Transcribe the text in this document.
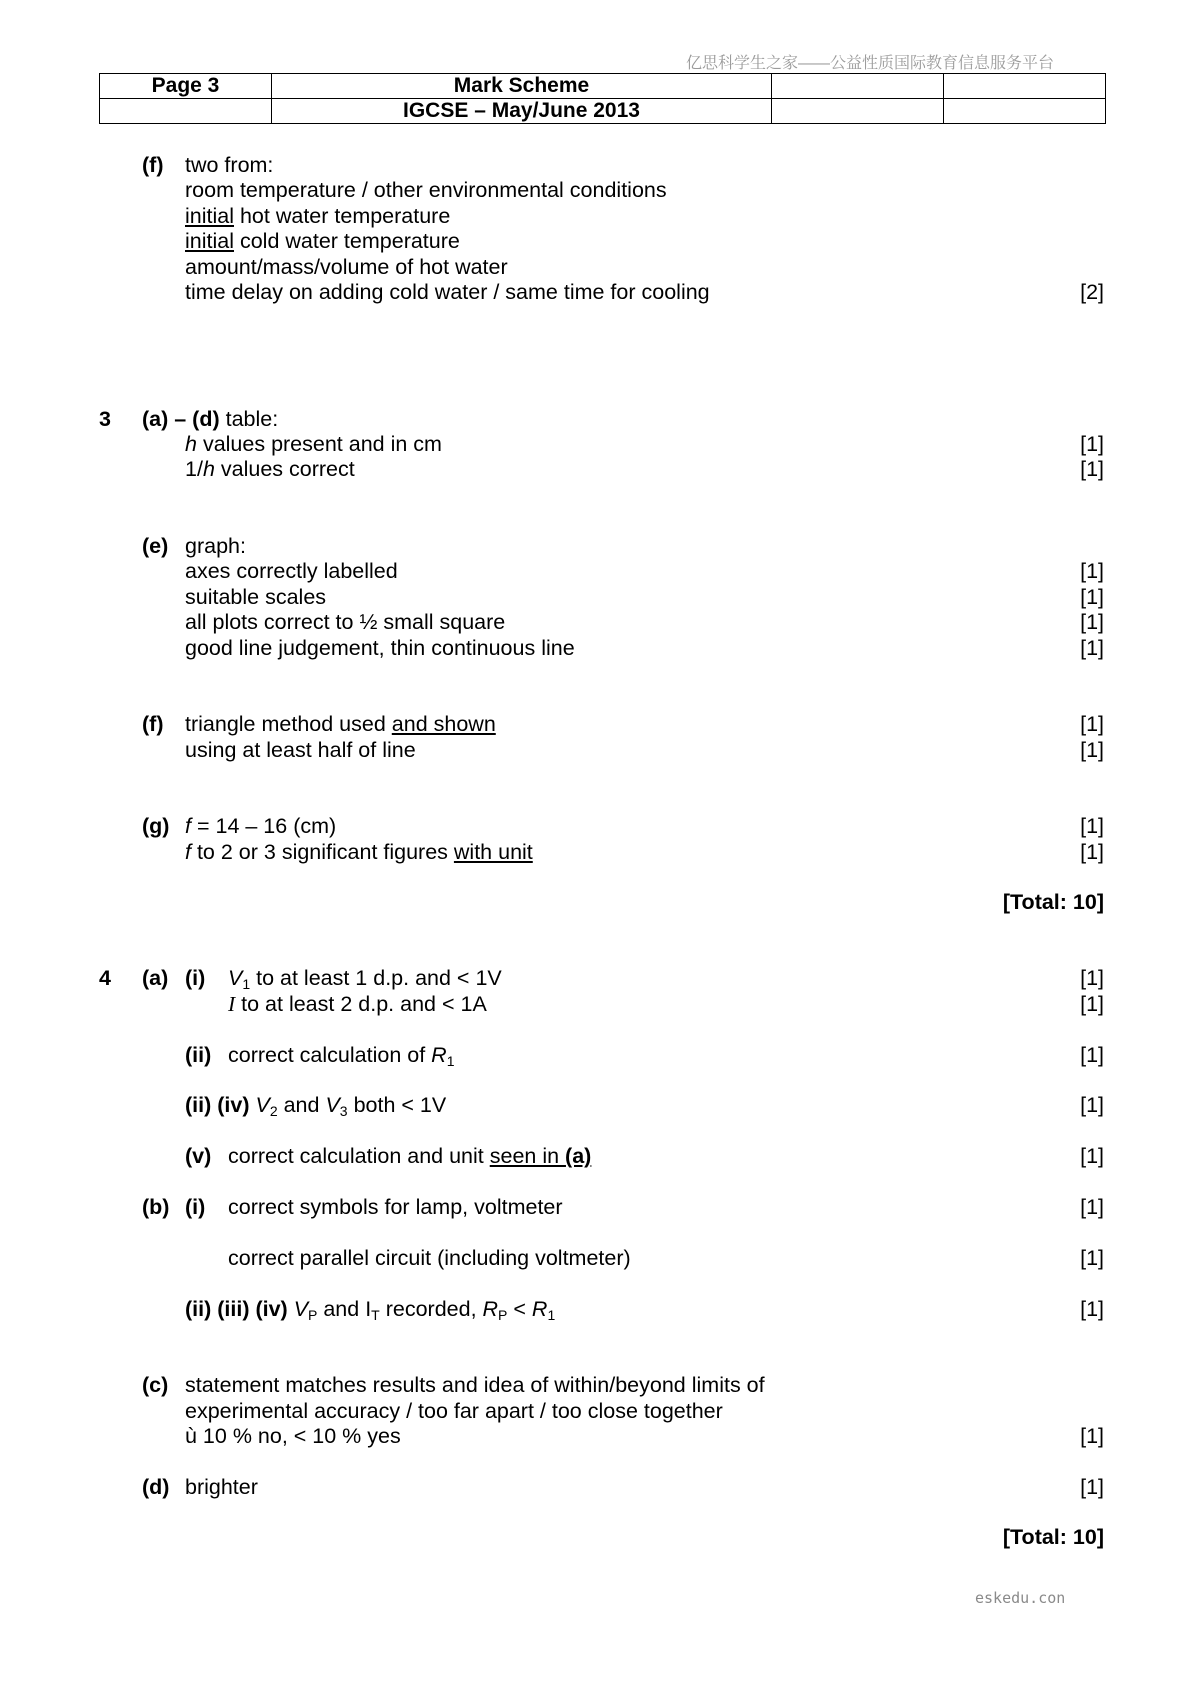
亿思科学生之家——公益性质国际教育信息服务平台
Page 3	Mark Scheme		
	IGCSE – May/June 2013		
(f) two from:
room temperature / other environmental conditions
initial hot water temperature
initial cold water temperature
amount/mass/volume of hot water
time delay on adding cold water / same time for cooling	[2]
3 (a) – (d) table:
h values present and in cm	[1]
1/h values correct	[1]
(e) graph:
axes correctly labelled	[1]
suitable scales	[1]
all plots correct to ½ small square	[1]
good line judgement, thin continuous line	[1]
(f) triangle method used and shown	[1]
using at least half of line	[1]
(g) f = 14 – 16 (cm)	[1]
f to 2 or 3 significant figures with unit	[1]
[Total: 10]
4 (a) (i) $V_1$ to at least 1 d.p. and < 1V	[1]
I to at least 2 d.p. and < 1A	[1]
(ii) correct calculation of $R_1$	[1]
(ii) (iv) $V_2$ and $V_3$ both < 1V	[1]
(v) correct calculation and unit seen in (a)	[1]
(b) (i) correct symbols for lamp, voltmeter	[1]
correct parallel circuit (including voltmeter)	[1]
(ii) (iii) (iv) $V_P$ and $I_T$ recorded, $R_P < R_1$	[1]
(c) statement matches results and idea of within/beyond limits of
experimental accuracy / too far apart / too close together
ù 10 % no, < 10 % yes	[1]
(d) brighter	[1]
[Total: 10]
eskedu.con
